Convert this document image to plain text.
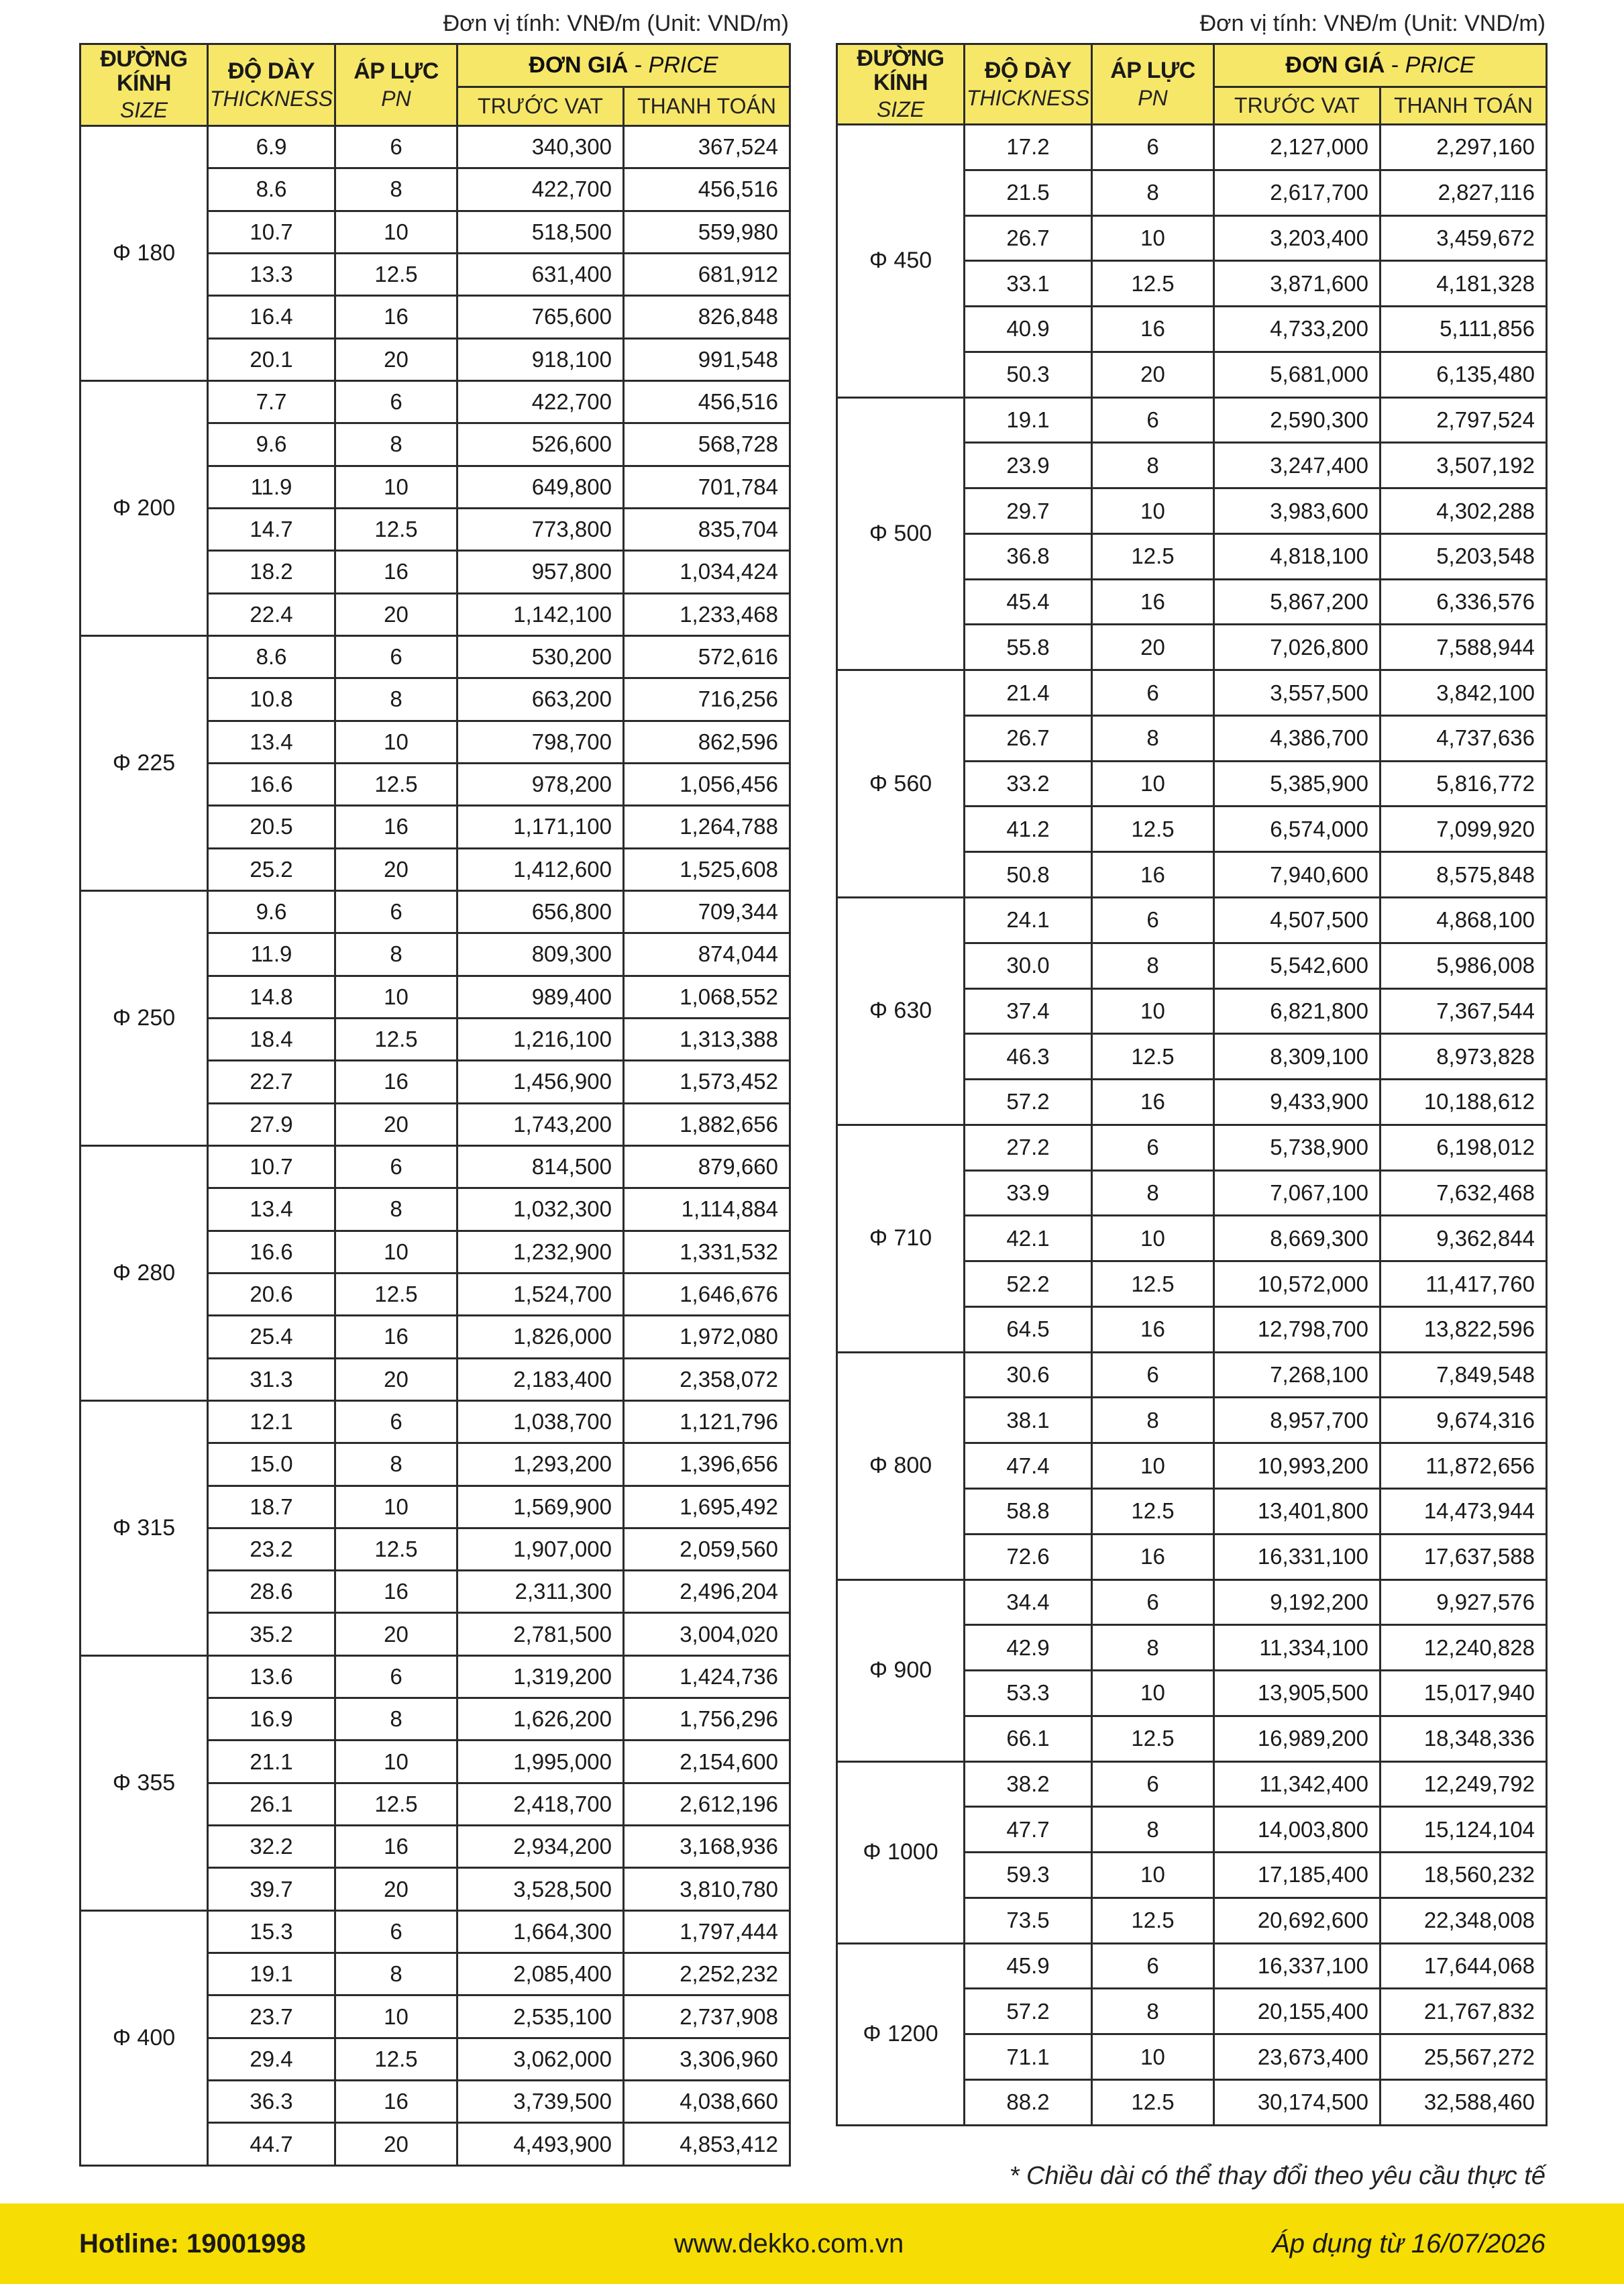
Đơn vị tính: VNĐ/m (Unit: VND/m)
ĐƯỜNG KÍNH
SIZE	ĐỘ DÀY
THICKNESS	ÁP LỰC
PN	ĐƠN GIÁ - PRICE	
			TRƯỚC VAT	THANH TOÁN
Φ 180	6.9	6	340,300	367,524
	8.6	8	422,700	456,516
	10.7	10	518,500	559,980
	13.3	12.5	631,400	681,912
	16.4	16	765,600	826,848
	20.1	20	918,100	991,548
Φ 200	7.7	6	422,700	456,516
	9.6	8	526,600	568,728
	11.9	10	649,800	701,784
	14.7	12.5	773,800	835,704
	18.2	16	957,800	1,034,424
	22.4	20	1,142,100	1,233,468
Φ 225	8.6	6	530,200	572,616
	10.8	8	663,200	716,256
	13.4	10	798,700	862,596
	16.6	12.5	978,200	1,056,456
	20.5	16	1,171,100	1,264,788
	25.2	20	1,412,600	1,525,608
Φ 250	9.6	6	656,800	709,344
	11.9	8	809,300	874,044
	14.8	10	989,400	1,068,552
	18.4	12.5	1,216,100	1,313,388
	22.7	16	1,456,900	1,573,452
	27.9	20	1,743,200	1,882,656
Φ 280	10.7	6	814,500	879,660
	13.4	8	1,032,300	1,114,884
	16.6	10	1,232,900	1,331,532
	20.6	12.5	1,524,700	1,646,676
	25.4	16	1,826,000	1,972,080
	31.3	20	2,183,400	2,358,072
Φ 315	12.1	6	1,038,700	1,121,796
	15.0	8	1,293,200	1,396,656
	18.7	10	1,569,900	1,695,492
	23.2	12.5	1,907,000	2,059,560
	28.6	16	2,311,300	2,496,204
	35.2	20	2,781,500	3,004,020
Φ 355	13.6	6	1,319,200	1,424,736
	16.9	8	1,626,200	1,756,296
	21.1	10	1,995,000	2,154,600
	26.1	12.5	2,418,700	2,612,196
	32.2	16	2,934,200	3,168,936
	39.7	20	3,528,500	3,810,780
Φ 400	15.3	6	1,664,300	1,797,444
	19.1	8	2,085,400	2,252,232
	23.7	10	2,535,100	2,737,908
	29.4	12.5	3,062,000	3,306,960
	36.3	16	3,739,500	4,038,660
	44.7	20	4,493,900	4,853,412
Đơn vị tính: VNĐ/m (Unit: VND/m)
ĐƯỜNG KÍNH
SIZE	ĐỘ DÀY
THICKNESS	ÁP LỰC
PN	ĐƠN GIÁ - PRICE	
			TRƯỚC VAT	THANH TOÁN
Φ 450	17.2	6	2,127,000	2,297,160
	21.5	8	2,617,700	2,827,116
	26.7	10	3,203,400	3,459,672
	33.1	12.5	3,871,600	4,181,328
	40.9	16	4,733,200	5,111,856
	50.3	20	5,681,000	6,135,480
Φ 500	19.1	6	2,590,300	2,797,524
	23.9	8	3,247,400	3,507,192
	29.7	10	3,983,600	4,302,288
	36.8	12.5	4,818,100	5,203,548
	45.4	16	5,867,200	6,336,576
	55.8	20	7,026,800	7,588,944
Φ 560	21.4	6	3,557,500	3,842,100
	26.7	8	4,386,700	4,737,636
	33.2	10	5,385,900	5,816,772
	41.2	12.5	6,574,000	7,099,920
	50.8	16	7,940,600	8,575,848
Φ 630	24.1	6	4,507,500	4,868,100
	30.0	8	5,542,600	5,986,008
	37.4	10	6,821,800	7,367,544
	46.3	12.5	8,309,100	8,973,828
	57.2	16	9,433,900	10,188,612
Φ 710	27.2	6	5,738,900	6,198,012
	33.9	8	7,067,100	7,632,468
	42.1	10	8,669,300	9,362,844
	52.2	12.5	10,572,000	11,417,760
	64.5	16	12,798,700	13,822,596
Φ 800	30.6	6	7,268,100	7,849,548
	38.1	8	8,957,700	9,674,316
	47.4	10	10,993,200	11,872,656
	58.8	12.5	13,401,800	14,473,944
	72.6	16	16,331,100	17,637,588
Φ 900	34.4	6	9,192,200	9,927,576
	42.9	8	11,334,100	12,240,828
	53.3	10	13,905,500	15,017,940
	66.1	12.5	16,989,200	18,348,336
Φ 1000	38.2	6	11,342,400	12,249,792
	47.7	8	14,003,800	15,124,104
	59.3	10	17,185,400	18,560,232
	73.5	12.5	20,692,600	22,348,008
Φ 1200	45.9	6	16,337,100	17,644,068
	57.2	8	20,155,400	21,767,832
	71.1	10	23,673,400	25,567,272
	88.2	12.5	30,174,500	32,588,460
* Chiều dài có thể thay đổi theo yêu cầu thực tế
Hotline: 19001998	www.dekko.com.vn	Áp dụng từ 16/07/2026
